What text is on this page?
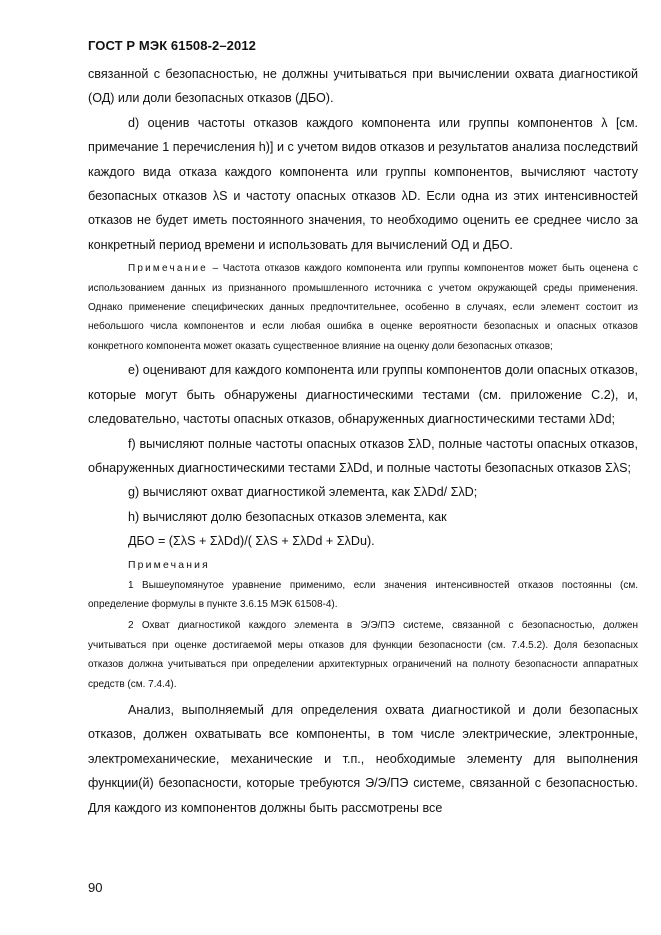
ГОСТ Р МЭК 61508-2–2012

связанной с безопасностью, не должны учитываться при вычислении охвата диагностикой (ОД) или доли безопасных отказов (ДБО).

d) оценив частоты отказов каждого компонента или группы компонентов λ [см. примечание 1 перечисления h)] и с учетом видов отказов и результатов анализа последствий каждого вида отказа каждого компонента или группы компонентов, вычисляют частоту безопасных отказов λS и частоту опасных отказов λD. Если одна из этих интенсивностей отказов не будет иметь постоянного значения, то необходимо оценить ее среднее число за конкретный период времени и использовать для вычислений ОД и ДБО.

Примечание – Частота отказов каждого компонента или группы компонентов может быть оценена с использованием данных из признанного промышленного источника с учетом окружающей среды применения. Однако применение специфических данных предпочтительнее, особенно в случаях, если элемент состоит из небольшого числа компонентов и если любая ошибка в оценке вероятности безопасных и опасных отказов конкретного компонента может оказать существенное влияние на оценку доли безопасных отказов;

e) оценивают для каждого компонента или группы компонентов доли опасных отказов, которые могут быть обнаружены диагностическими тестами (см. приложение С.2), и, следовательно, частоты опасных отказов, обнаруженных диагностическими тестами λDd;

f) вычисляют полные частоты опасных отказов ΣλD, полные частоты опасных отказов, обнаруженных диагностическими тестами ΣλDd, и полные частоты безопасных отказов ΣλS;

g) вычисляют охват диагностикой элемента, как ΣλDd/ ΣλD;

h) вычисляют долю безопасных отказов элемента, как

ДБО = (ΣλS + ΣλDd)/( ΣλS + ΣλDd + ΣλDu).

Примечания

1 Вышеупомянутое уравнение применимо, если значения интенсивностей отказов постоянны (см. определение формулы в пункте 3.6.15 МЭК 61508-4).

2 Охват диагностикой каждого элемента в Э/Э/ПЭ системе, связанной с безопасностью, должен учитываться при оценке достигаемой меры отказов для функции безопасности (см. 7.4.5.2). Доля безопасных отказов должна учитываться при определении архитектурных ограничений на полноту безопасности аппаратных средств (см. 7.4.4).

Анализ, выполняемый для определения охвата диагностикой и доли безопасных отказов, должен охватывать все компоненты, в том числе электрические, электронные, электромеханические, механические и т.п., необходимые элементу для выполнения функции(й) безопасности, которые требуются Э/Э/ПЭ системе, связанной с безопасностью. Для каждого из компонентов должны быть рассмотрены все

90
